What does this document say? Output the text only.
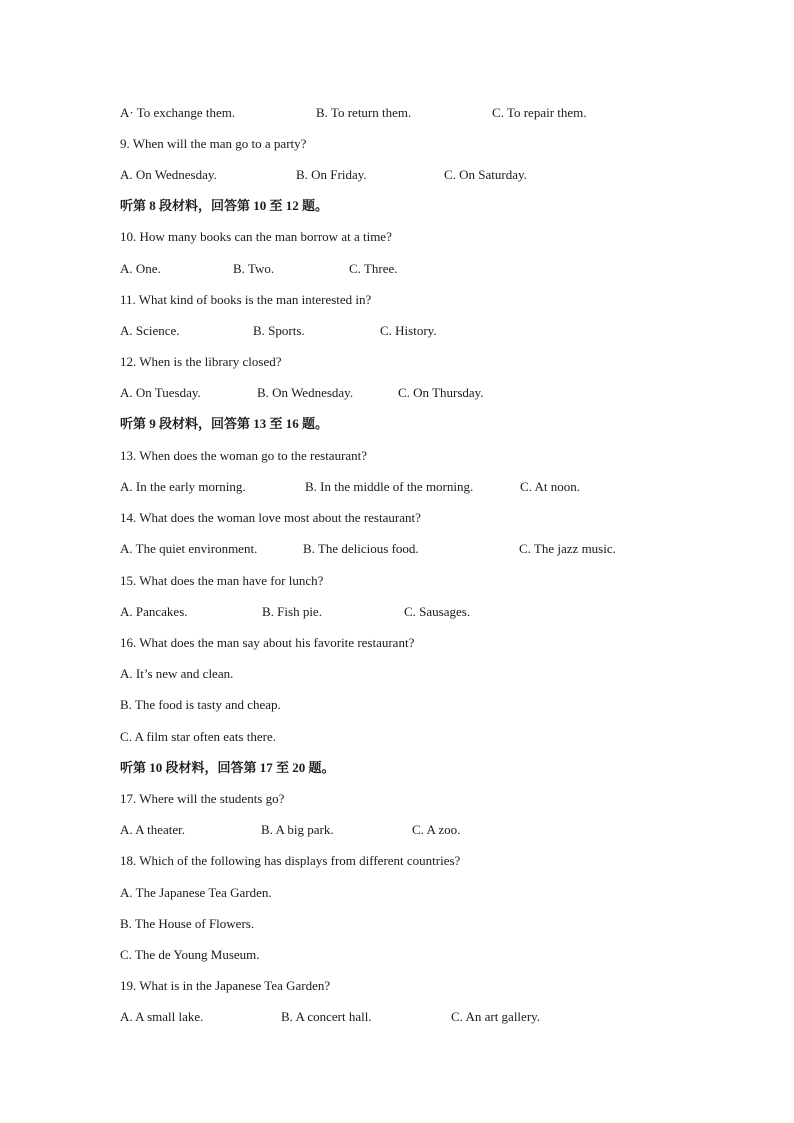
A· To exchange them.	B. To return them.	C. To repair them.

9. When will the man go to a party?

A. On Wednesday.	B. On Friday.	C. On Saturday.

听第 8 段材料，回答第 10 至 12 题。

10. How many books can the man borrow at a time?

A. One.	B. Two.	C. Three.

11. What kind of books is the man interested in?

A. Science.	B. Sports.	C. History.

12. When is the library closed?

A. On Tuesday.	B. On Wednesday.	C. On Thursday.

听第 9 段材料，回答第 13 至 16 题。

13. When does the woman go to the restaurant?

A. In the early morning.	B. In the middle of the morning.	C. At noon.

14. What does the woman love most about the restaurant?

A. The quiet environment.	B. The delicious food.	C. The jazz music.

15. What does the man have for lunch?

A. Pancakes.	B. Fish pie.	C. Sausages.

16. What does the man say about his favorite restaurant?

A. It’s new and clean.

B. The food is tasty and cheap.

C. A film star often eats there.

听第 10 段材料，回答第 17 至 20 题。

17. Where will the students go?

A. A theater.	B. A big park.	C. A zoo.

18. Which of the following has displays from different countries?

A. The Japanese Tea Garden.

B. The House of Flowers.

C. The de Young Museum.

19. What is in the Japanese Tea Garden?

A. A small lake.	B. A concert hall.	C. An art gallery.
